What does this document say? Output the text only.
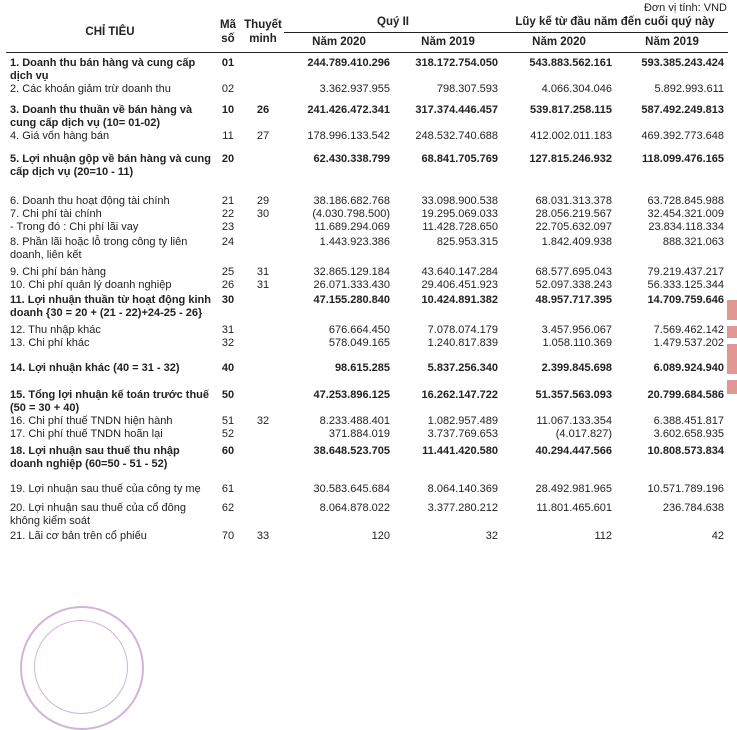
Đơn vị tính: VND
CHỈ TIÊU	Mã số	Thuyết minh	Quý II		Lũy kế từ đầu năm đến cuối quý này	
			Năm 2020	Năm 2019	Năm 2020	Năm 2019
1. Doanh thu bán hàng và cung cấp dịch vụ	01		244.789.410.296	318.172.754.050	543.883.562.161	593.385.243.424
2. Các khoản giảm trừ doanh thu	02		3.362.937.955	798.307.593	4.066.304.046	5.892.993.611
3. Doanh thu thuần về bán hàng và cung cấp dịch vụ (10= 01-02)	10	26	241.426.472.341	317.374.446.457	539.817.258.115	587.492.249.813
4. Giá vốn hàng bán	11	27	178.996.133.542	248.532.740.688	412.002.011.183	469.392.773.648
5. Lợi nhuận gộp về bán hàng và cung cấp dịch vụ (20=10 - 11)	20		62.430.338.799	68.841.705.769	127.815.246.932	118.099.476.165
6. Doanh thu hoạt động tài chính	21	29	38.186.682.768	33.098.900.538	68.031.313.378	63.728.845.988
7. Chi phí tài chính	22	30	(4.030.798.500)	19.295.069.033	28.056.219.567	32.454.321.009
- Trong đó : Chi phí lãi vay	23		11.689.294.069	11.428.728.650	22.705.632.097	23.834.118.334
8. Phần lãi hoặc lỗ trong công ty liên doanh, liên kết	24		1.443.923.386	825.953.315	1.842.409.938	888.321.063
9. Chi phí bán hàng	25	31	32.865.129.184	43.640.147.284	68.577.695.043	79.219.437.217
10. Chi phí quản lý doanh nghiệp	26	31	26.071.333.430	29.406.451.923	52.097.338.243	56.333.125.344
11. Lợi nhuận thuần từ hoạt động kinh doanh {30 = 20 + (21 - 22)+24-25 - 26}	30		47.155.280.840	10.424.891.382	48.957.717.395	14.709.759.646
12. Thu nhập khác	31		676.664.450	7.078.074.179	3.457.956.067	7.569.462.142
13. Chi phí khác	32		578.049.165	1.240.817.839	1.058.110.369	1.479.537.202
14. Lợi nhuận khác (40 = 31 - 32)	40		98.615.285	5.837.256.340	2.399.845.698	6.089.924.940
15. Tổng lợi nhuận kế toán trước thuế (50 = 30 + 40)	50		47.253.896.125	16.262.147.722	51.357.563.093	20.799.684.586
16. Chi phí thuế TNDN hiện hành	51	32	8.233.488.401	1.082.957.489	11.067.133.354	6.388.451.817
17. Chi phí thuế TNDN hoãn lại	52		371.884.019	3.737.769.653	(4.017.827)	3.602.658.935
18. Lợi nhuận sau thuế thu nhập doanh nghiệp (60=50 - 51 - 52)	60		38.648.523.705	11.441.420.580	40.294.447.566	10.808.573.834
19. Lợi nhuận sau thuế của công ty mẹ	61		30.583.645.684	8.064.140.369	28.492.981.965	10.571.789.196
20. Lợi nhuận sau thuế của cổ đông không kiểm soát	62		8.064.878.022	3.377.280.212	11.801.465.601	236.784.638
21. Lãi cơ bản trên cổ phiếu	70	33	120	32	112	42
